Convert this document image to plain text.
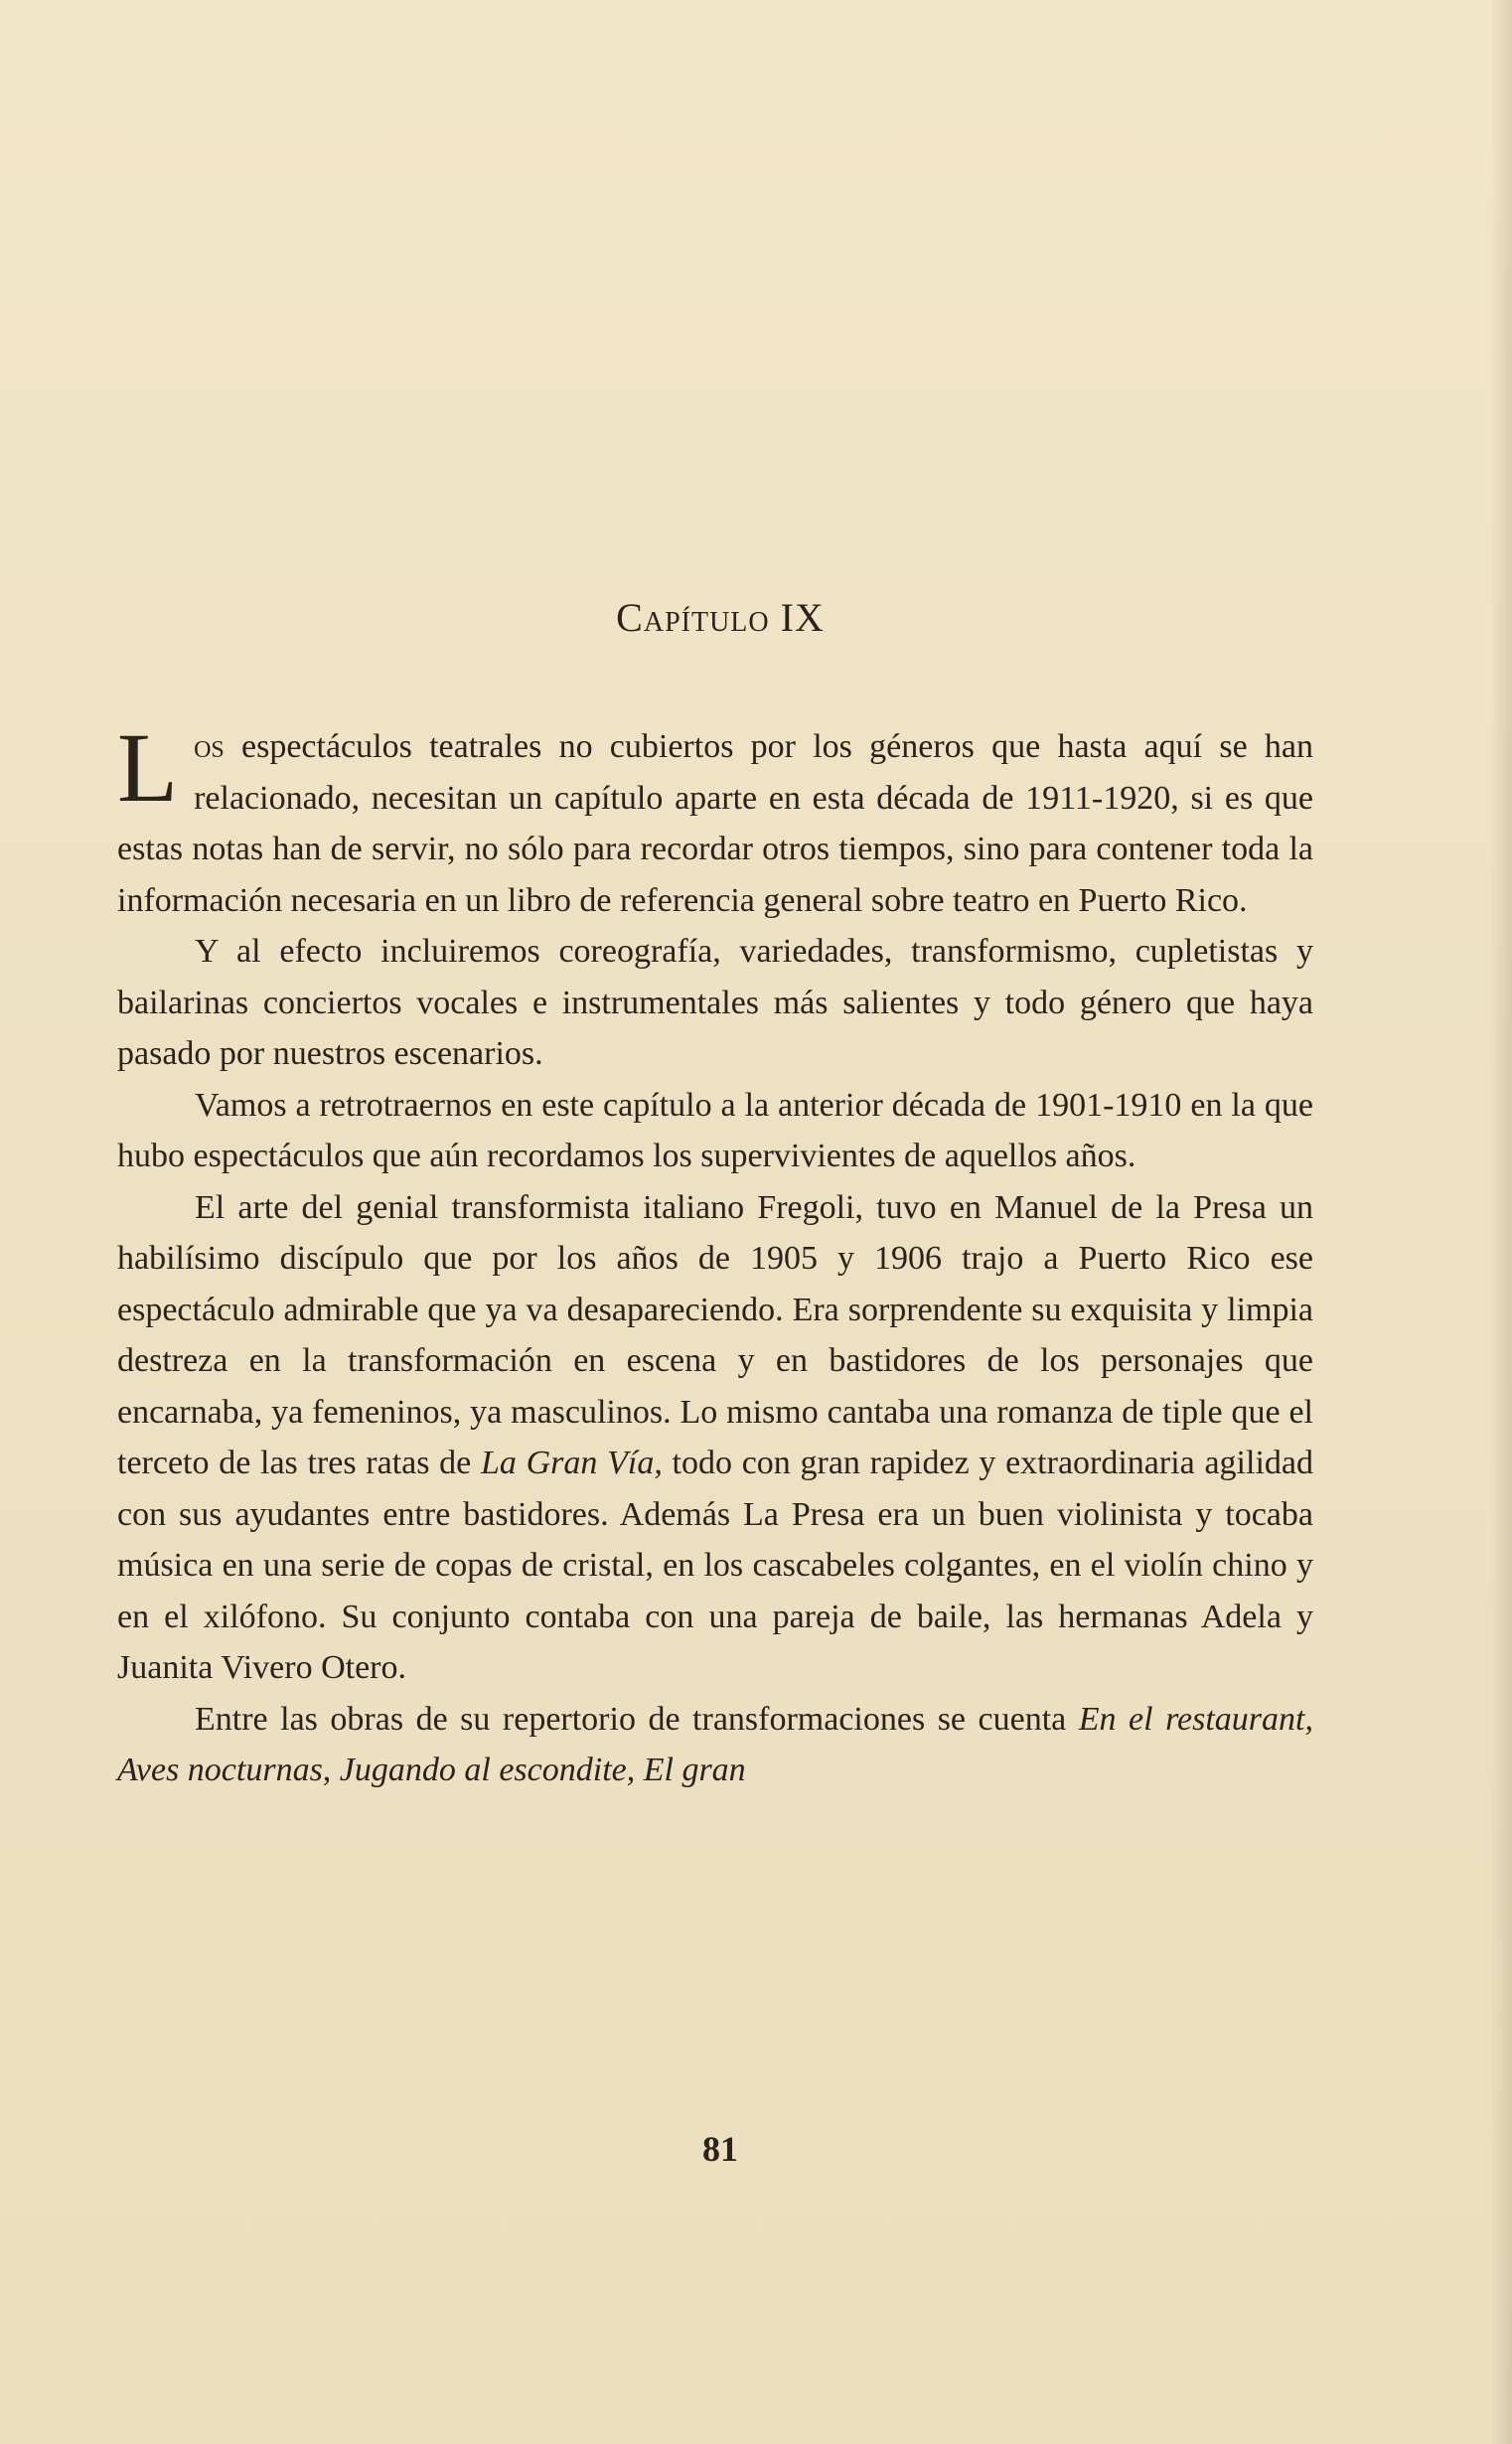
Capítulo IX

Los espectáculos teatrales no cubiertos por los géneros que hasta aquí se han relacionado, necesitan un capítulo aparte en esta década de 1911-1920, si es que estas notas han de servir, no sólo para recordar otros tiempos, sino para contener toda la información necesaria en un libro de referencia general sobre teatro en Puerto Rico.

Y al efecto incluiremos coreografía, variedades, transformismo, cupletistas y bailarinas conciertos vocales e instrumentales más salientes y todo género que haya pasado por nuestros escenarios.

Vamos a retrotraernos en este capítulo a la anterior década de 1901-1910 en la que hubo espectáculos que aún recordamos los supervivientes de aquellos años.

El arte del genial transformista italiano Fregoli, tuvo en Manuel de la Presa un habilísimo discípulo que por los años de 1905 y 1906 trajo a Puerto Rico ese espectáculo admirable que ya va desapareciendo. Era sorprendente su exquisita y limpia destreza en la transformación en escena y en bastidores de los personajes que encarnaba, ya femeninos, ya masculinos. Lo mismo cantaba una romanza de tiple que el terceto de las tres ratas de La Gran Vía, todo con gran rapidez y extraordinaria agilidad con sus ayudantes entre bastidores. Además La Presa era un buen violinista y tocaba música en una serie de copas de cristal, en los cascabeles colgantes, en el violín chino y en el xilófono. Su conjunto contaba con una pareja de baile, las hermanas Adela y Juanita Vivero Otero.

Entre las obras de su repertorio de transformaciones se cuenta En el restaurant, Aves nocturnas, Jugando al escondite, El gran

81
